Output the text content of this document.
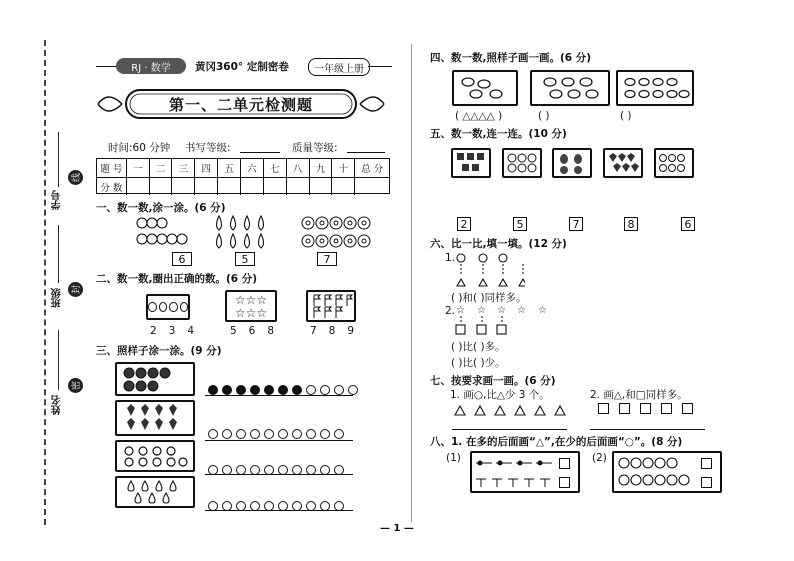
学号
班级
姓名
线
封
密
RJ · 数学	黄冈360° 定制密卷	一年级上册
第一、二单元检测题
时间:60 分钟 书写等级:	质量等级:
题 号	一	二	三	四	五	六	七	八	九	十	总 分
分 数
一、数一数,涂一涂。(6 分)
6	5	7
二、数一数,圈出正确的数。(6 分)
2 3 4
☆☆☆
☆☆☆
5 6 8	7 8 9
三、照样子涂一涂。(9 分)
四、数一数,照样子画一画。(6 分)
( △△△△ )	( )	( )
五、数一数,连一连。(10 分)
2	5	7	8	6
六、比一比,填一填。(12 分)
1.
( )和( )同样多。
2. ☆ ☆ ☆ ☆ ☆
( )比( )多。
( )比( )少。
七、按要求画一画。(6 分)
1. 画○,比△少 3 个。	2. 画△,和□同样多。
八、1. 在多的后面画“△”,在少的后面画“○”。(8 分)
(1)	(2)
— 1 —
